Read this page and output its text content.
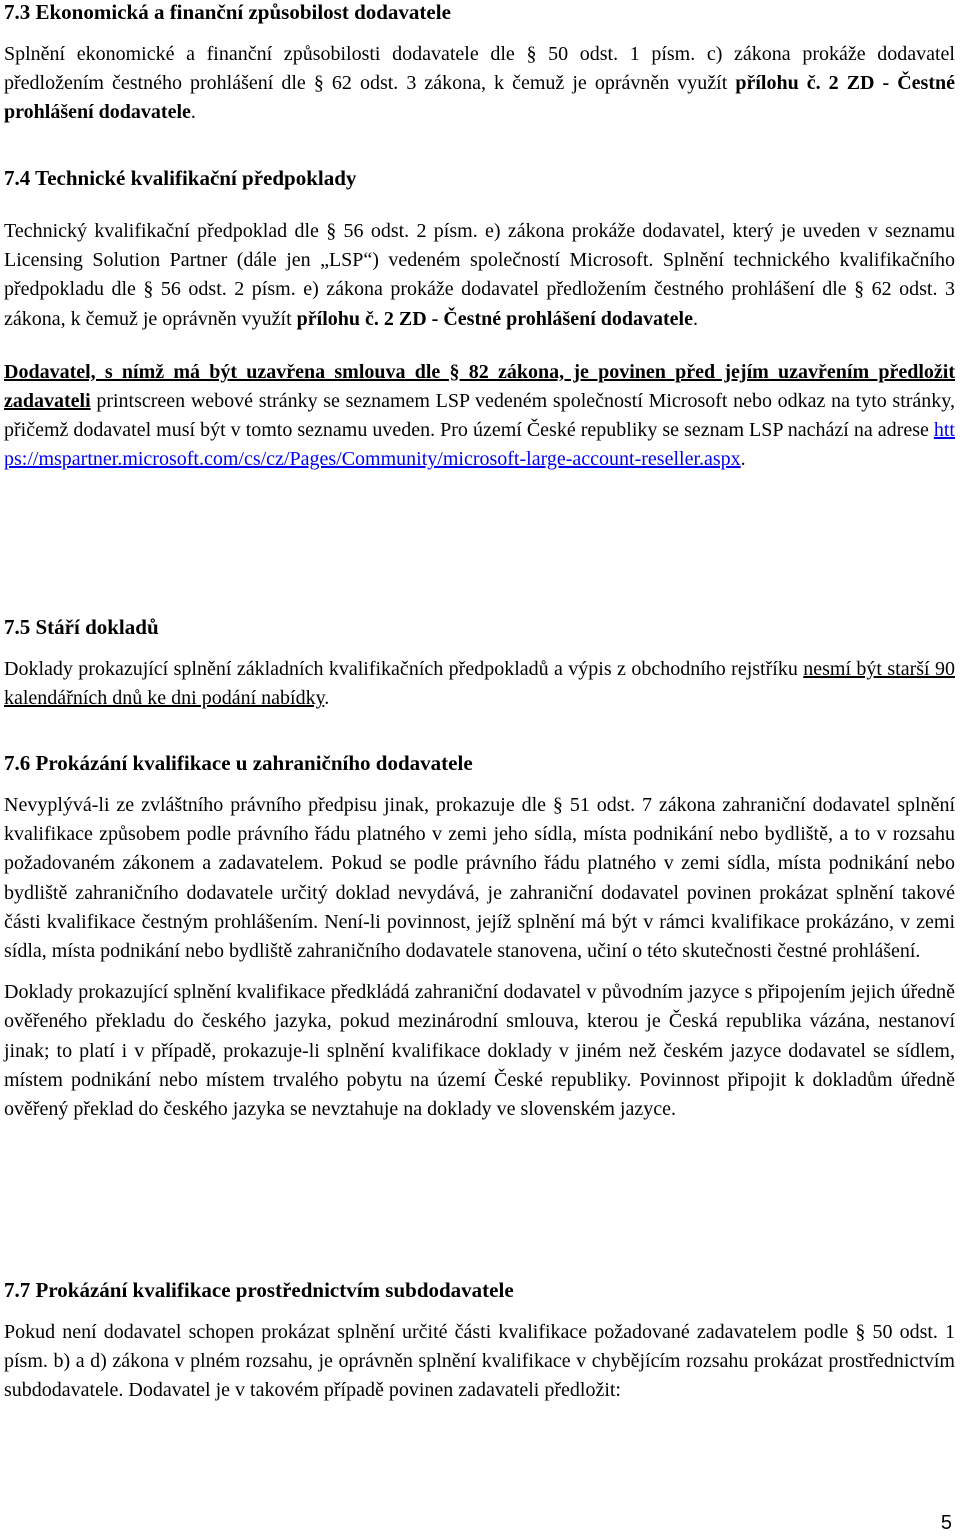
7.3 Ekonomická a finanční způsobilost dodavatele

Splnění ekonomické a finanční způsobilosti dodavatele dle § 50 odst. 1 písm. c) zákona prokáže dodavatel předložením čestného prohlášení dle § 62 odst. 3 zákona, k čemuž je oprávněn využít přílohu č. 2 ZD - Čestné prohlášení dodavatele.

7.4 Technické kvalifikační předpoklady

Technický kvalifikační předpoklad dle § 56 odst. 2 písm. e) zákona prokáže dodavatel, který je uveden v seznamu Licensing Solution Partner (dále jen „LSP“) vedeném společností Microsoft. Splnění technického kvalifikačního předpokladu dle § 56 odst. 2 písm. e) zákona prokáže dodavatel předložením čestného prohlášení dle § 62 odst. 3 zákona, k čemuž je oprávněn využít přílohu č. 2 ZD - Čestné prohlášení dodavatele.

Dodavatel, s nímž má být uzavřena smlouva dle § 82 zákona, je povinen před jejím uzavřením předložit zadavateli printscreen webové stránky se seznamem LSP vedeném společností Microsoft nebo odkaz na tyto stránky, přičemž dodavatel musí být v tomto seznamu uveden. Pro území České republiky se seznam LSP nachází na adrese https://mspartner.microsoft.com/cs/cz/Pages/Community/microsoft-large-account-reseller.aspx.

7.5 Stáří dokladů

Doklady prokazující splnění základních kvalifikačních předpokladů a výpis z obchodního rejstříku nesmí být starší 90 kalendářních dnů ke dni podání nabídky.

7.6 Prokázání kvalifikace u zahraničního dodavatele

Nevyplývá-li ze zvláštního právního předpisu jinak, prokazuje dle § 51 odst. 7 zákona zahraniční dodavatel splnění kvalifikace způsobem podle právního řádu platného v zemi jeho sídla, místa podnikání nebo bydliště, a to v rozsahu požadovaném zákonem a zadavatelem. Pokud se podle právního řádu platného v zemi sídla, místa podnikání nebo bydliště zahraničního dodavatele určitý doklad nevydává, je zahraniční dodavatel povinen prokázat splnění takové části kvalifikace čestným prohlášením. Není-li povinnost, jejíž splnění má být v rámci kvalifikace prokázáno, v zemi sídla, místa podnikání nebo bydliště zahraničního dodavatele stanovena, učiní o této skutečnosti čestné prohlášení.

Doklady prokazující splnění kvalifikace předkládá zahraniční dodavatel v původním jazyce s připojením jejich úředně ověřeného překladu do českého jazyka, pokud mezinárodní smlouva, kterou je Česká republika vázána, nestanoví jinak; to platí i v případě, prokazuje-li splnění kvalifikace doklady v jiném než českém jazyce dodavatel se sídlem, místem podnikání nebo místem trvalého pobytu na území České republiky. Povinnost připojit k dokladům úředně ověřený překlad do českého jazyka se nevztahuje na doklady ve slovenském jazyce.

7.7 Prokázání kvalifikace prostřednictvím subdodavatele

Pokud není dodavatel schopen prokázat splnění určité části kvalifikace požadované zadavatelem podle § 50 odst. 1 písm. b) a d) zákona v plném rozsahu, je oprávněn splnění kvalifikace v chybějícím rozsahu prokázat prostřednictvím subdodavatele. Dodavatel je v takovém případě povinen zadavateli předložit:

5
